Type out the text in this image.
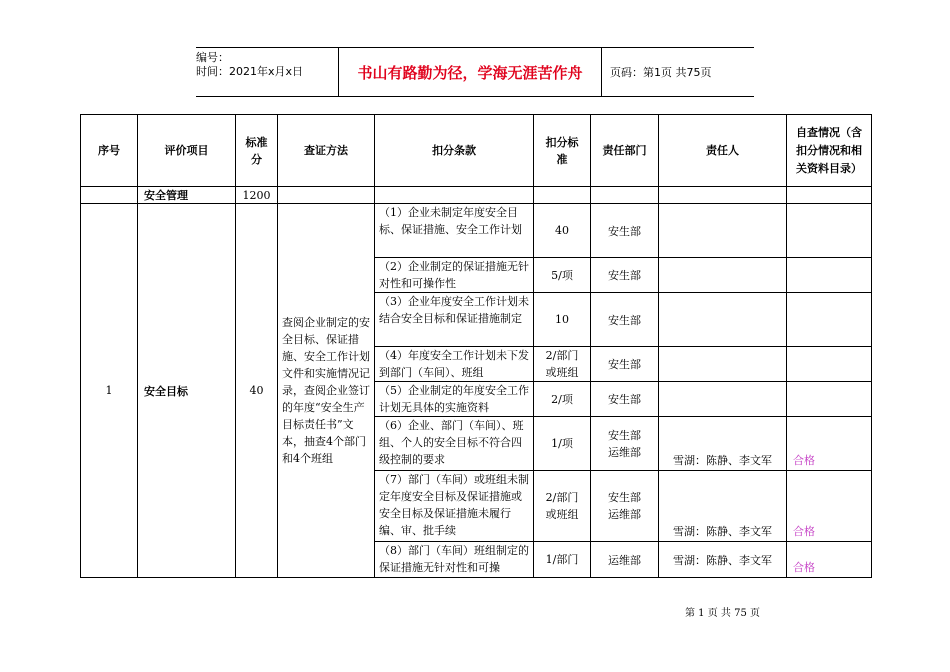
编号：
时间：2021年x月x日	书山有路勤为径，学海无涯苦作舟	页码：第1页 共75页
序号	评价项目	标准分	查证方法	扣分条款	扣分标准	责任部门	责任人	自查情况（含扣分情况和相关资料目录）
	安全管理	1200						
1	安全目标	40	查阅企业制定的安全目标、保证措施、安全工作计划文件和实施情况记录，查阅企业签订的年度“安全生产目标责任书”文本，抽查4个部门和4个班组	（1）企业未制定年度安全目标、保证措施、安全工作计划	40	安生部		
				（2）企业制定的保证措施无针对性和可操作性	5/项	安生部		
				（3）企业年度安全工作计划未结合安全目标和保证措施制定	10	安生部		
				（4）年度安全工作计划未下发到部门（车间）、班组	2/部门或班组	安生部		
				（5）企业制定的年度安全工作计划无具体的实施资料	2/项	安生部		
				（6）企业、部门（车间）、班组、个人的安全目标不符合四级控制的要求	1/项	安生部运维部	雪湖：陈静、李文军	合格
				（7）部门（车间）或班组未制定年度安全目标及保证措施或安全目标及保证措施未履行编、审、批手续	2/部门或班组	安生部运维部	雪湖：陈静、李文军	合格

				（8）部门（车间）班组制定的保证措施无针对性和可操	1/部门	运维部	雪湖：陈静、李文军	合格
第 1 页 共 75 页
